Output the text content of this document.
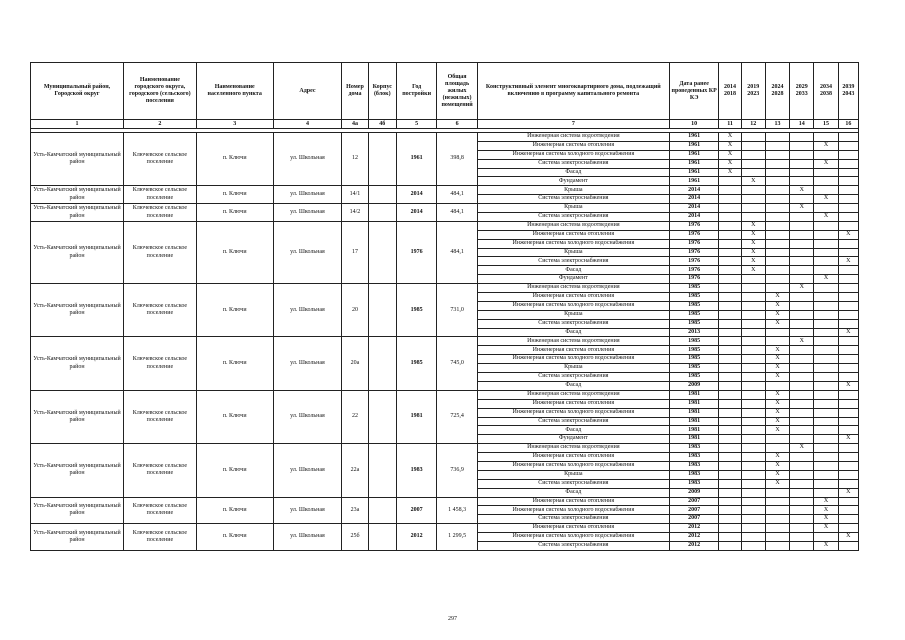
Муниципальный район, Городской округ	Наименование городского округа, городского (сельского) поселения	Наименование населенного пункта	Адрес	Номер дома	Корпус (блок)	Год постройки	Общая площадь жилых (нежилых) помещений	Конструктивный элемент многоквартирного дома, подлежащий включению в программу капитального ремонта	Дата ранее проведенных КР КЭ	2014 2018	2019 2023	2024 2028	2029 2033	2034 2038	2039 2043
1	2	3	4	4а	4б	5	6	7	10	11	12	13	14	15	16

Усть-Камчатский муниципальный район	Ключевское сельское поселение	п. Ключи	ул. Школьная	12		1961	398,8	Инженерная система водоотведения	1961	X					
								Инженерная система отопления	1961	X				X	
								Инженерная система холодного водоснабжения	1961	X					
								Система электроснабжения	1961	X				X	
								Фасад	1961	X					
								Фундамент	1961		X				
Усть-Камчатский муниципальный район	Ключевское сельское поселение	п. Ключи	ул. Школьная	14/1		2014	484,1	Крыша	2014				X		
								Система электроснабжения	2014					X	
Усть-Камчатский муниципальный район	Ключевское сельское поселение	п. Ключи	ул. Школьная	14/2		2014	484,1	Крыша	2014				X		
								Система электроснабжения	2014					X	
Усть-Камчатский муниципальный район	Ключевское сельское поселение	п. Ключи	ул. Школьная	17		1976	484,1	Инженерная система водоотведения	1976		X				
								Инженерная система отопления	1976		X				X
								Инженерная система холодного водоснабжения	1976		X				
								Крыша	1976		X				
								Система электроснабжения	1976		X				X
								Фасад	1976		X				
								Фундамент	1976					X	
Усть-Камчатский муниципальный район	Ключевское сельское поселение	п. Ключи	ул. Школьная	20		1985	731,0	Инженерная система водоотведения	1985				X		
								Инженерная система отопления	1985			X			
								Инженерная система холодного водоснабжения	1985			X			
								Крыша	1985			X			
								Система электроснабжения	1985			X			
								Фасад	2013						X
Усть-Камчатский муниципальный район	Ключевское сельское поселение	п. Ключи	ул. Школьная	20а		1985	745,0	Инженерная система водоотведения	1985				X		
								Инженерная система отопления	1985			X			
								Инженерная система холодного водоснабжения	1985			X			
								Крыша	1985			X			
								Система электроснабжения	1985			X			
								Фасад	2009						X
Усть-Камчатский муниципальный район	Ключевское сельское поселение	п. Ключи	ул. Школьная	22		1981	725,4	Инженерная система водоотведения	1981			X			
								Инженерная система отопления	1981			X			
								Инженерная система холодного водоснабжения	1981			X			
								Система электроснабжения	1981			X			
								Фасад	1981			X			
								Фундамент	1981						X
Усть-Камчатский муниципальный район	Ключевское сельское поселение	п. Ключи	ул. Школьная	22а		1983	736,9	Инженерная система водоотведения	1983				X		
								Инженерная система отопления	1983			X			
								Инженерная система холодного водоснабжения	1983			X			
								Крыша	1983			X			
								Система электроснабжения	1983			X			
								Фасад	2009						X
Усть-Камчатский муниципальный район	Ключевское сельское поселение	п. Ключи	ул. Школьная	23а		2007	1 458,3	Инженерная система отопления	2007					X	
								Инженерная система холодного водоснабжения	2007					X	
								Система электроснабжения	2007					X	
Усть-Камчатский муниципальный район	Ключевское сельское поселение	п. Ключи	ул. Школьная	25б		2012	1 299,5	Инженерная система отопления	2012					X	
								Инженерная система холодного водоснабжения	2012						X
								Система электроснабжения	2012					X	
297
